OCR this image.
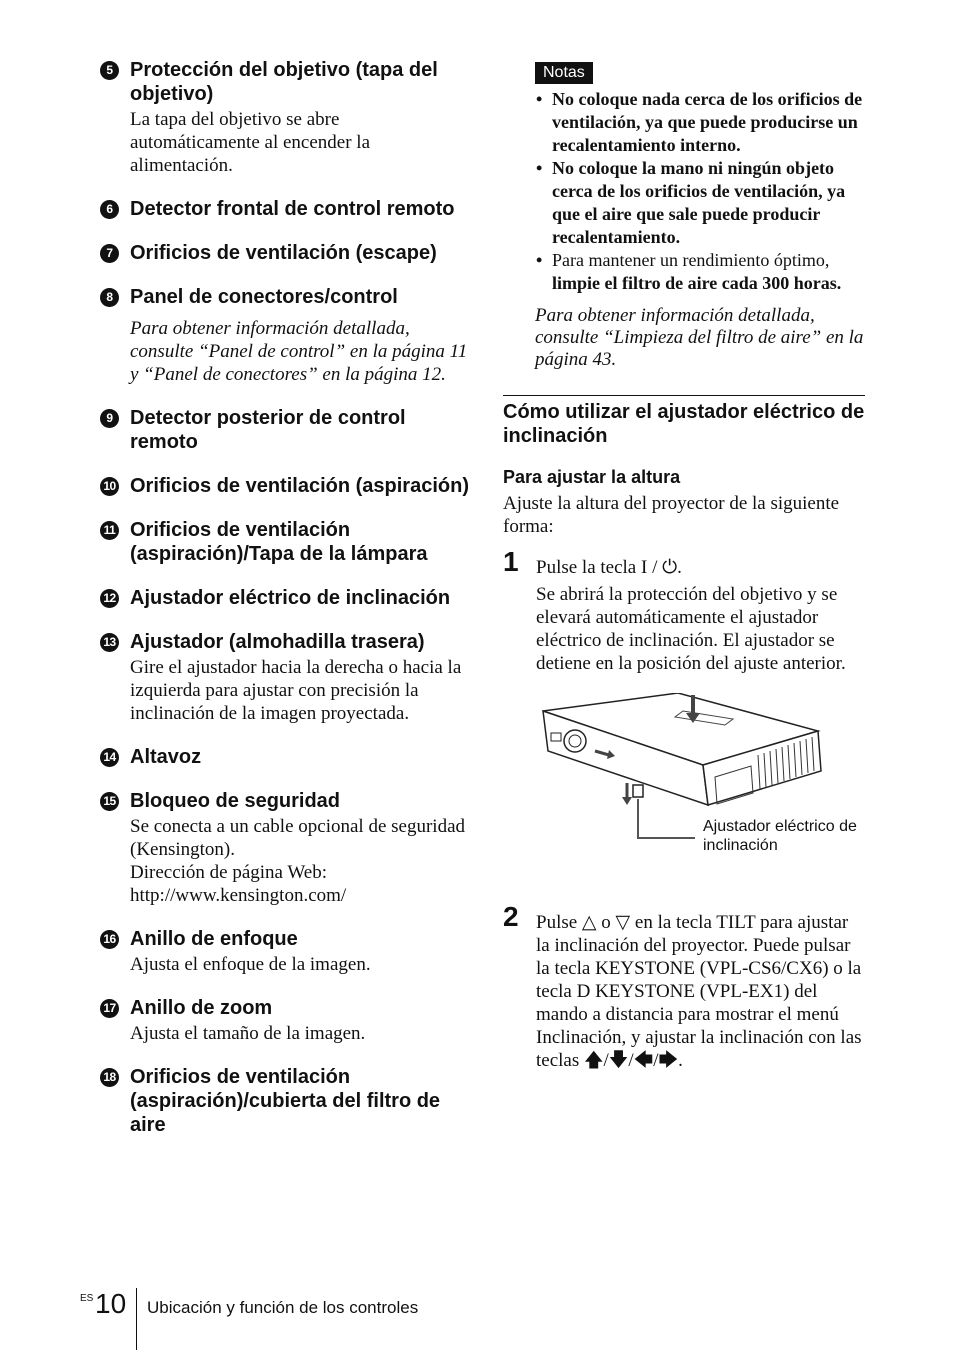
5 Protección del objetivo (tapa del objetivo)
La tapa del objetivo se abre automáticamente al encender la alimentación.
6 Detector frontal de control remoto
7 Orificios de ventilación (escape)
8 Panel de conectores/control
Para obtener información detallada, consulte “Panel de control” en la página 11 y “Panel de conectores” en la página 12.
9 Detector posterior de control remoto
10 Orificios de ventilación (aspiración)
11 Orificios de ventilación (aspiración)/Tapa de la lámpara
12 Ajustador eléctrico de inclinación
13 Ajustador (almohadilla trasera)
Gire el ajustador hacia la derecha o hacia la izquierda para ajustar con precisión la inclinación de la imagen proyectada.
14 Altavoz
15 Bloqueo de seguridad
Se conecta a un cable opcional de seguridad (Kensington).
Dirección de página Web:
http://www.kensington.com/
16 Anillo de enfoque
Ajusta el enfoque de la imagen.
17 Anillo de zoom
Ajusta el tamaño de la imagen.
18 Orificios de ventilación (aspiración)/cubierta del filtro de aire
Notas
• No coloque nada cerca de los orificios de ventilación, ya que puede producirse un recalentamiento interno.
• No coloque la mano ni ningún objeto cerca de los orificios de ventilación, ya que el aire que sale puede producir recalentamiento.
• Para mantener un rendimiento óptimo, limpie el filtro de aire cada 300 horas.
Para obtener información detallada, consulte “Limpieza del filtro de aire” en la página 43.
Cómo utilizar el ajustador eléctrico de inclinación
Para ajustar la altura
Ajuste la altura del proyector de la siguiente forma:
1 Pulse la tecla I / ⏻.
Se abrirá la protección del objetivo y se elevará automáticamente el ajustador eléctrico de inclinación. El ajustador se detiene en la posición del ajuste anterior.
Ajustador eléctrico de inclinación
2 Pulse △ o ▽ en la tecla TILT para ajustar la inclinación del proyector. Puede pulsar la tecla KEYSTONE (VPL-CS6/CX6) o la tecla D KEYSTONE (VPL-EX1) del mando a distancia para mostrar el menú Inclinación, y ajustar la inclinación con las teclas 🡅/🡇/🡄/🡆.
ES 10 Ubicación y función de los controles
